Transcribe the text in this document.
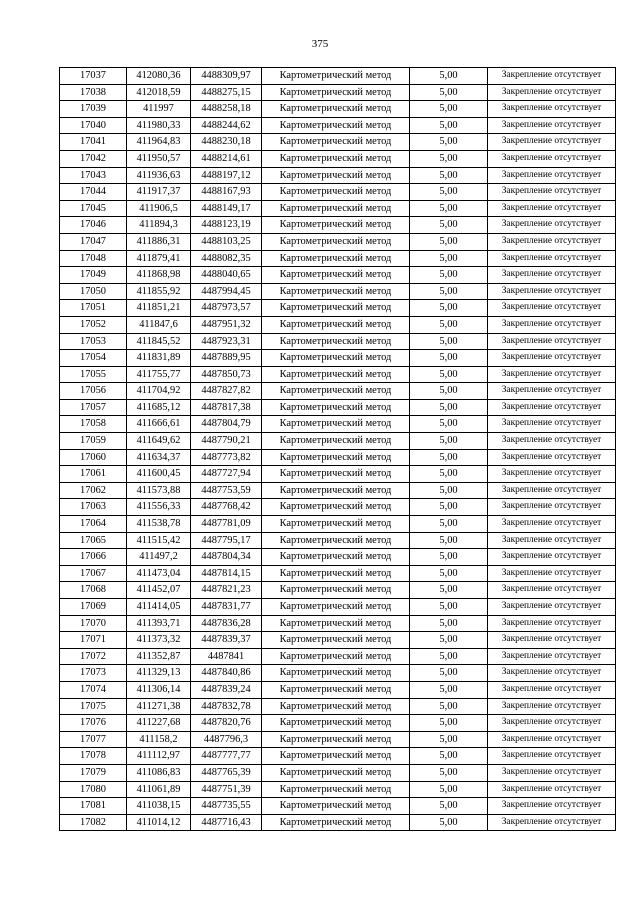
375
17037	412080,36	4488309,97	Картометрический метод	5,00	Закрепление отсутствует
17038	412018,59	4488275,15	Картометрический метод	5,00	Закрепление отсутствует
17039	411997	4488258,18	Картометрический метод	5,00	Закрепление отсутствует
17040	411980,33	4488244,62	Картометрический метод	5,00	Закрепление отсутствует
17041	411964,83	4488230,18	Картометрический метод	5,00	Закрепление отсутствует
17042	411950,57	4488214,61	Картометрический метод	5,00	Закрепление отсутствует
17043	411936,63	4488197,12	Картометрический метод	5,00	Закрепление отсутствует
17044	411917,37	4488167,93	Картометрический метод	5,00	Закрепление отсутствует
17045	411906,5	4488149,17	Картометрический метод	5,00	Закрепление отсутствует
17046	411894,3	4488123,19	Картометрический метод	5,00	Закрепление отсутствует
17047	411886,31	4488103,25	Картометрический метод	5,00	Закрепление отсутствует
17048	411879,41	4488082,35	Картометрический метод	5,00	Закрепление отсутствует
17049	411868,98	4488040,65	Картометрический метод	5,00	Закрепление отсутствует
17050	411855,92	4487994,45	Картометрический метод	5,00	Закрепление отсутствует
17051	411851,21	4487973,57	Картометрический метод	5,00	Закрепление отсутствует
17052	411847,6	4487951,32	Картометрический метод	5,00	Закрепление отсутствует
17053	411845,52	4487923,31	Картометрический метод	5,00	Закрепление отсутствует
17054	411831,89	4487889,95	Картометрический метод	5,00	Закрепление отсутствует
17055	411755,77	4487850,73	Картометрический метод	5,00	Закрепление отсутствует
17056	411704,92	4487827,82	Картометрический метод	5,00	Закрепление отсутствует
17057	411685,12	4487817,38	Картометрический метод	5,00	Закрепление отсутствует
17058	411666,61	4487804,79	Картометрический метод	5,00	Закрепление отсутствует
17059	411649,62	4487790,21	Картометрический метод	5,00	Закрепление отсутствует
17060	411634,37	4487773,82	Картометрический метод	5,00	Закрепление отсутствует
17061	411600,45	4487727,94	Картометрический метод	5,00	Закрепление отсутствует
17062	411573,88	4487753,59	Картометрический метод	5,00	Закрепление отсутствует
17063	411556,33	4487768,42	Картометрический метод	5,00	Закрепление отсутствует
17064	411538,78	4487781,09	Картометрический метод	5,00	Закрепление отсутствует
17065	411515,42	4487795,17	Картометрический метод	5,00	Закрепление отсутствует
17066	411497,2	4487804,34	Картометрический метод	5,00	Закрепление отсутствует
17067	411473,04	4487814,15	Картометрический метод	5,00	Закрепление отсутствует
17068	411452,07	4487821,23	Картометрический метод	5,00	Закрепление отсутствует
17069	411414,05	4487831,77	Картометрический метод	5,00	Закрепление отсутствует
17070	411393,71	4487836,28	Картометрический метод	5,00	Закрепление отсутствует
17071	411373,32	4487839,37	Картометрический метод	5,00	Закрепление отсутствует
17072	411352,87	4487841	Картометрический метод	5,00	Закрепление отсутствует
17073	411329,13	4487840,86	Картометрический метод	5,00	Закрепление отсутствует
17074	411306,14	4487839,24	Картометрический метод	5,00	Закрепление отсутствует
17075	411271,38	4487832,78	Картометрический метод	5,00	Закрепление отсутствует
17076	411227,68	4487820,76	Картометрический метод	5,00	Закрепление отсутствует
17077	411158,2	4487796,3	Картометрический метод	5,00	Закрепление отсутствует
17078	411112,97	4487777,77	Картометрический метод	5,00	Закрепление отсутствует
17079	411086,83	4487765,39	Картометрический метод	5,00	Закрепление отсутствует
17080	411061,89	4487751,39	Картометрический метод	5,00	Закрепление отсутствует
17081	411038,15	4487735,55	Картометрический метод	5,00	Закрепление отсутствует
17082	411014,12	4487716,43	Картометрический метод	5,00	Закрепление отсутствует
